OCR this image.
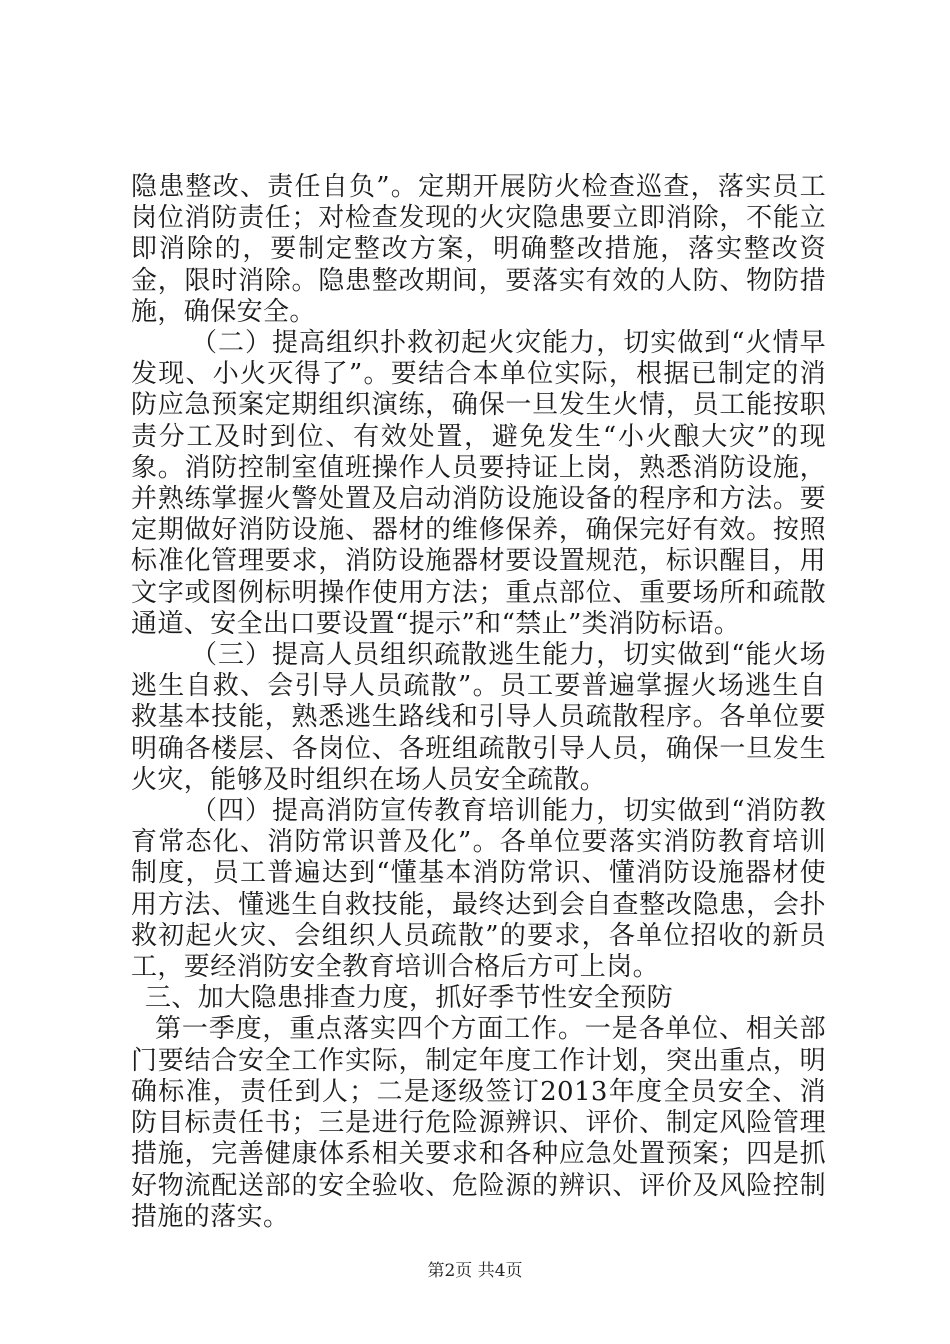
隐患整改、责任自负”。定期开展防火检查巡查，落实员工岗位消防责任；对检查发现的火灾隐患要立即消除，不能立即消除的，要制定整改方案，明确整改措施，落实整改资金，限时消除。隐患整改期间，要落实有效的人防、物防措施，确保安全。

（二）提高组织扑救初起火灾能力，切实做到“火情早发现、小火灭得了”。要结合本单位实际，根据已制定的消防应急预案定期组织演练，确保一旦发生火情，员工能按职责分工及时到位、有效处置，避免发生“小火酿大灾”的现象。消防控制室值班操作人员要持证上岗，熟悉消防设施，并熟练掌握火警处置及启动消防设施设备的程序和方法。要定期做好消防设施、器材的维修保养，确保完好有效。按照标准化管理要求，消防设施器材要设置规范，标识醒目，用文字或图例标明操作使用方法；重点部位、重要场所和疏散通道、安全出口要设置“提示”和“禁止”类消防标语。

（三）提高人员组织疏散逃生能力，切实做到“能火场逃生自救、会引导人员疏散”。员工要普遍掌握火场逃生自救基本技能，熟悉逃生路线和引导人员疏散程序。各单位要明确各楼层、各岗位、各班组疏散引导人员，确保一旦发生火灾，能够及时组织在场人员安全疏散。

（四）提高消防宣传教育培训能力，切实做到“消防教育常态化、消防常识普及化”。各单位要落实消防教育培训制度，员工普遍达到“懂基本消防常识、懂消防设施器材使用方法、懂逃生自救技能，最终达到会自查整改隐患，会扑救初起火灾、会组织人员疏散”的要求，各单位招收的新员工，要经消防安全教育培训合格后方可上岗。

三、加大隐患排查力度，抓好季节性安全预防

第一季度，重点落实四个方面工作。一是各单位、相关部门要结合安全工作实际，制定年度工作计划，突出重点，明确标准，责任到人；二是逐级签订2013年度全员安全、消防目标责任书；三是进行危险源辨识、评价、制定风险管理措施，完善健康体系相关要求和各种应急处置预案；四是抓好物流配送部的安全验收、危险源的辨识、评价及风险控制措施的落实。

第2页 共4页
